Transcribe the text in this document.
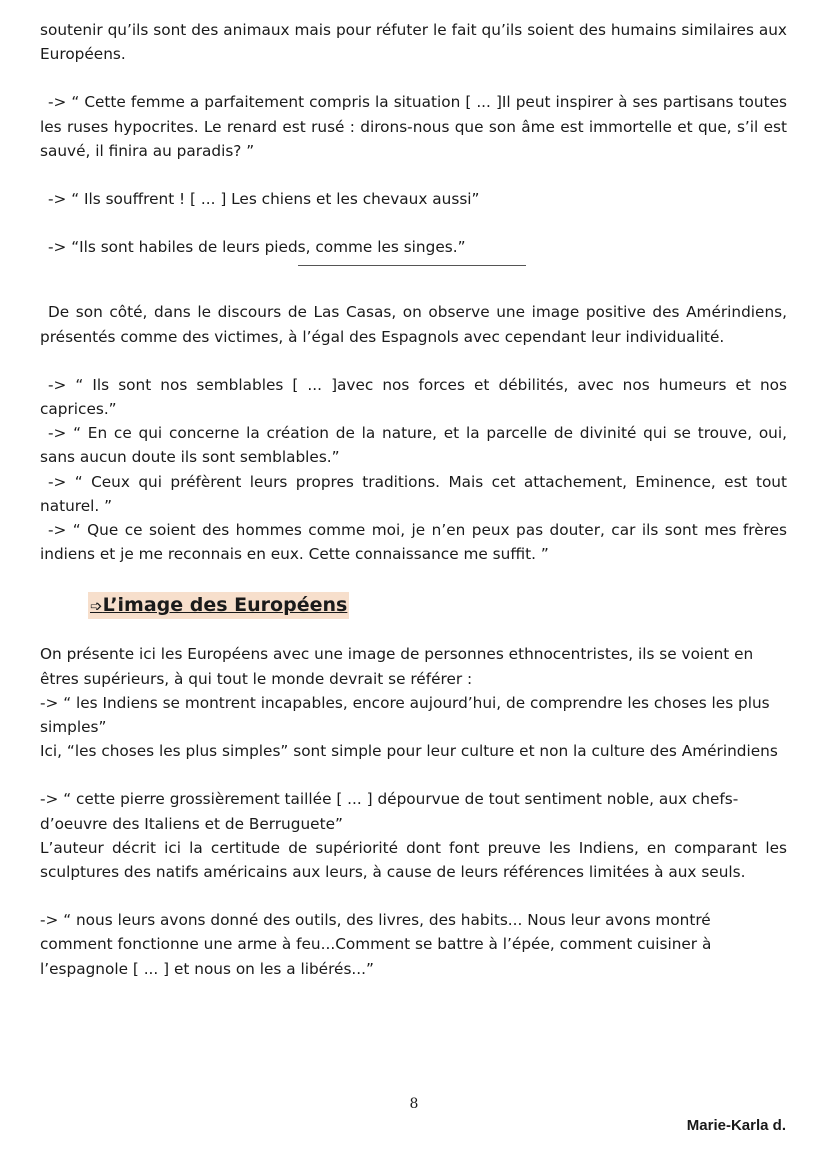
soutenir qu’ils sont des animaux mais pour réfuter le fait qu’ils soient des humains similaires aux Européens.

-> “ Cette femme a parfaitement compris la situation [ ... ]Il peut inspirer à ses partisans toutes les ruses hypocrites. Le renard est rusé : dirons-nous que son âme est immortelle et que, s’il est sauvé, il finira au paradis? ”

-> “ Ils souffrent ! [ ... ] Les chiens et les chevaux aussi”

-> “Ils sont habiles de leurs pieds, comme les singes.”

De son côté, dans le discours de Las Casas, on observe une image positive des Amérindiens, présentés comme des victimes, à l’égal des Espagnols avec cependant leur individualité.

-> “ Ils sont nos semblables [ ... ]avec nos forces et débilités, avec nos humeurs et nos caprices.”

-> “ En ce qui concerne la création de la nature, et la parcelle de divinité qui se trouve, oui, sans aucun doute ils sont semblables.”

-> “ Ceux qui préfèrent leurs propres traditions. Mais cet attachement, Eminence, est tout naturel. ”

-> “ Que ce soient des hommes comme moi, je n’en peux pas douter, car ils sont mes frères indiens et je me reconnais en eux. Cette connaissance me suffit. ”

➩L’image des Européens

On présente ici les Européens avec une image de personnes ethnocentristes, ils se voient en êtres supérieurs, à qui tout le monde devrait se référer :

-> “ les Indiens se montrent incapables, encore aujourd’hui, de comprendre les choses les plus simples”

Ici, “les choses les plus simples” sont simple pour leur culture et non la culture des Amérindiens

-> “ cette pierre grossièrement taillée [ ... ] dépourvue de tout sentiment noble, aux chefs-d’oeuvre des Italiens et de Berruguete”

L’auteur décrit ici la certitude de supériorité dont font preuve les Indiens, en comparant les sculptures des natifs américains aux leurs, à cause de leurs références limitées à aux seuls.

-> “ nous leurs avons donné des outils, des livres, des habits... Nous leur avons montré comment fonctionne une arme à feu...Comment se battre à l’épée, comment cuisiner à l’espagnole [ ... ] et nous on les a libérés...”

8
Marie-Karla d.
